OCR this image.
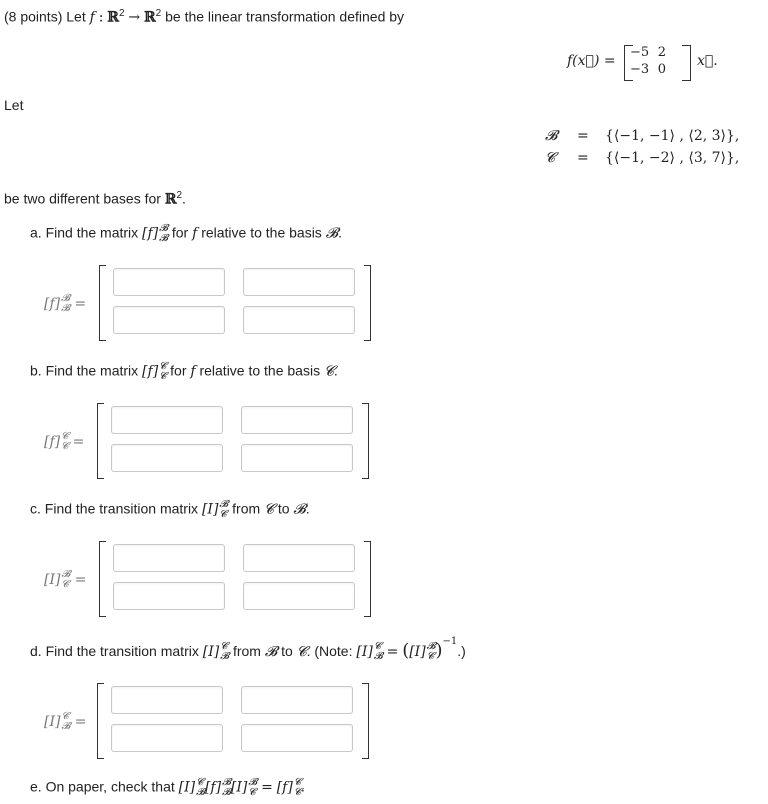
(8 points) Let f : ℝ$^2$ → ℝ$^2$ be the linear transformation defined by
f(x⃗) =
−5 2
−3 0
x⃗.
Let
𝓑 = {⟨−1, −1⟩ , ⟨2, 3⟩},
𝓒 = {⟨−1, −2⟩ , ⟨3, 7⟩},
be two different bases for ℝ$^2$.
a. Find the matrix [f] 𝓑
𝓑 for f relative to the basis 𝓑.
[f] 𝓑
𝓑 =
b. Find the matrix [f] 𝓒
𝓒 for f relative to the basis 𝓒.
[f] 𝓒
𝓒 =
c. Find the transition matrix [I] 𝓑
𝓒 from 𝓒 to 𝓑.
[I] 𝓑
𝓒 =
d. Find the transition matrix [I] 𝓒
𝓑 from 𝓑 to 𝓒. (Note: [I] 𝓒
𝓑 = ([I] 𝓑
𝓒 )$^{-1}$.)
[I] 𝓒
𝓑 =
e. On paper, check that [I] 𝓒
𝓑 [f] 𝓑
𝓑 [I] 𝓑
𝓒 = [f] 𝓒
𝓒 .
